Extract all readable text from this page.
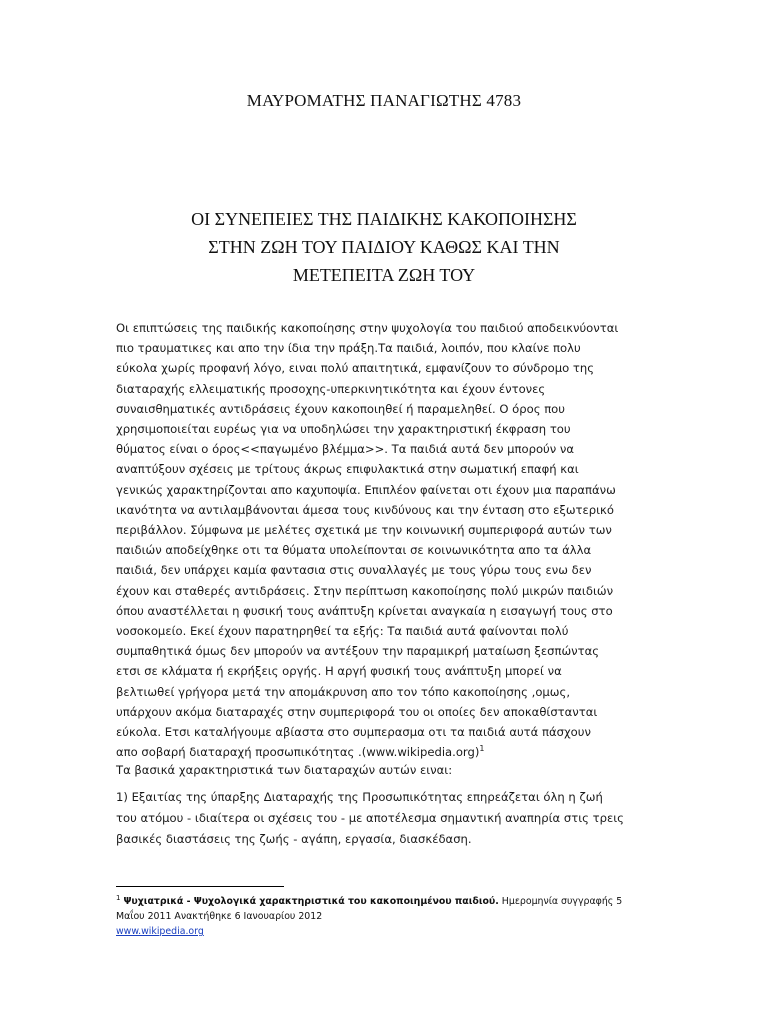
ΜΑΥΡΟΜΑΤΗΣ ΠΑΝΑΓΙΩΤΗΣ 4783
ΟΙ ΣΥΝΕΠΕΙΕΣ ΤΗΣ ΠΑΙΔΙΚΗΣ ΚΑΚΟΠΟΙΗΣΗΣ
ΣΤΗΝ ΖΩΗ ΤΟΥ ΠΑΙΔΙΟΥ ΚΑΘΩΣ ΚΑΙ ΤΗΝ
ΜΕΤΕΠΕΙΤΑ ΖΩΗ ΤΟΥ
Οι επιπτώσεις της παιδικής κακοποίησης στην ψυχολογία του παιδιού αποδεικνύονται
πιο τραυματικες και απο την ίδια την πράξη.Τα παιδιά, λοιπόν, που κλαίνε πολυ
εύκολα χωρίς προφανή λόγο, ειναι πολύ απαιτητικά, εμφανίζουν το σύνδρομο της
διαταραχής ελλειματικής προσοχης-υπερκινητικότητα και έχουν έντονες
συναισθηματικές αντιδράσεις έχουν κακοποιηθεί ή παραμεληθεί. Ο όρος που
χρησιμοποιείται ευρέως για να υποδηλώσει την χαρακτηριστική έκφραση του
θύματος είναι ο όρος<<παγωμένο βλέμμα>>. Τα παιδιά αυτά δεν μπορούν να
αναπτύξουν σχέσεις με τρίτους άκρως επιφυλακτικά στην σωματική επαφή και
γενικώς χαρακτηρίζονται απο καχυποψία. Επιπλέον φαίνεται οτι έχουν μια παραπάνω
ικανότητα να αντιλαμβάνονται άμεσα τους κινδύνους και την ένταση στο εξωτερικό
περιβάλλον. Σύμφωνα με μελέτες σχετικά με την κοινωνική συμπεριφορά αυτών των
παιδιών αποδείχθηκε οτι τα θύματα υπολείπονται σε κοινωνικότητα απο τα άλλα
παιδιά, δεν υπάρχει καμία φαντασια στις συναλλαγές με τους γύρω τους ενω δεν
έχουν και σταθερές αντιδράσεις. Στην περίπτωση κακοποίησης πολύ μικρών παιδιών
όπου αναστέλλεται η φυσική τους ανάπτυξη κρίνεται αναγκαία η εισαγωγή τους στο
νοσοκομείο. Εκεί έχουν παρατηρηθεί τα εξής: Τα παιδιά αυτά φαίνονται πολύ
συμπαθητικά όμως δεν μπορούν να αντέξουν την παραμικρή ματαίωση ξεσπώντας
ετσι σε κλάματα ή εκρήξεις οργής. Η αργή φυσική τους ανάπτυξη μπορεί να
βελτιωθεί γρήγορα μετά την απομάκρυνση απο τον τόπο κακοποίησης ,ομως,
υπάρχουν ακόμα διαταραχές στην συμπεριφορά του οι οποίες δεν αποκαθίστανται
εύκολα. Ετσι καταλήγουμε αβίαστα στο συμπερασμα οτι τα παιδιά αυτά πάσχουν
απο σοβαρή διαταραχή προσωπικότητας .(www.wikipedia.org)$^1$
Τα βασικά χαρακτηριστικά των διαταραχών αυτών ειναι:
1) Εξαιτίας της ύπαρξης Διαταραχής της Προσωπικότητας επηρεάζεται όλη η ζωή
του ατόμου - ιδιαίτερα οι σχέσεις του - με αποτέλεσμα σημαντική αναπηρία στις τρεις
βασικές διαστάσεις της ζωής - αγάπη, εργασία, διασκέδαση.
$^1$ Ψυχιατρικά - Ψυχολογικά χαρακτηριστικά του κακοποιημένου παιδιού. Ημερομηνία συγγραφής 5
Μαΐου 2011 Ανακτήθηκε 6 Ιανουαρίου 2012
www.wikipedia.org
